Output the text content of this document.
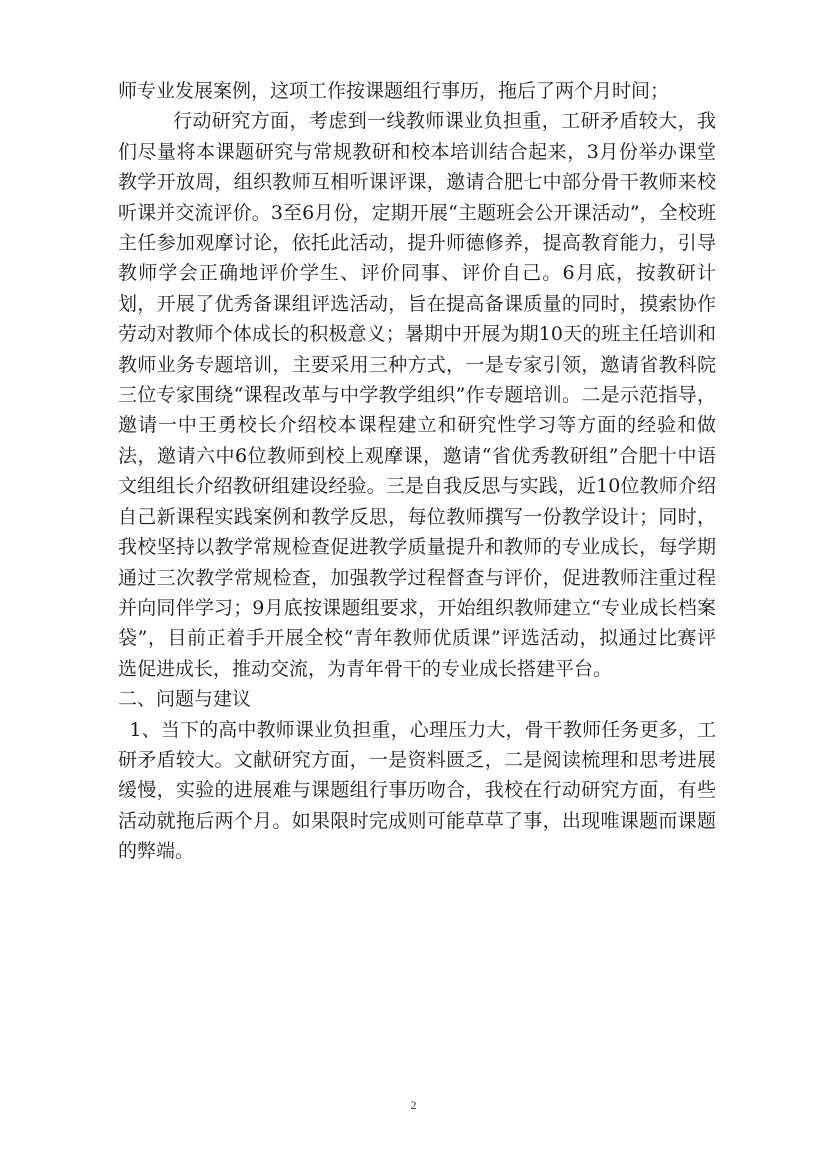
师专业发展案例，这项工作按课题组行事历，拖后了两个月时间；

行动研究方面，考虑到一线教师课业负担重，工研矛盾较大，我们尽量将本课题研究与常规教研和校本培训结合起来，3月份举办课堂教学开放周，组织教师互相听课评课，邀请合肥七中部分骨干教师来校听课并交流评价。3至6月份，定期开展“主题班会公开课活动”，全校班主任参加观摩讨论，依托此活动，提升师德修养，提高教育能力，引导教师学会正确地评价学生、评价同事、评价自己。6月底，按教研计划，开展了优秀备课组评选活动，旨在提高备课质量的同时，摸索协作劳动对教师个体成长的积极意义；暑期中开展为期10天的班主任培训和教师业务专题培训，主要采用三种方式，一是专家引领，邀请省教科院三位专家围绕“课程改革与中学教学组织”作专题培训。二是示范指导，邀请一中王勇校长介绍校本课程建立和研究性学习等方面的经验和做法，邀请六中6位教师到校上观摩课，邀请“省优秀教研组”合肥十中语文组组长介绍教研组建设经验。三是自我反思与实践，近10位教师介绍自己新课程实践案例和教学反思，每位教师撰写一份教学设计；同时，我校坚持以教学常规检查促进教学质量提升和教师的专业成长，每学期通过三次教学常规检查，加强教学过程督查与评价，促进教师注重过程并向同伴学习；9月底按课题组要求，开始组织教师建立“专业成长档案袋”，目前正着手开展全校“青年教师优质课”评选活动，拟通过比赛评选促进成长，推动交流，为青年骨干的专业成长搭建平台。

二、问题与建议

1、当下的高中教师课业负担重，心理压力大，骨干教师任务更多，工研矛盾较大。文献研究方面，一是资料匮乏，二是阅读梳理和思考进展缓慢，实验的进展难与课题组行事历吻合，我校在行动研究方面，有些活动就拖后两个月。如果限时完成则可能草草了事，出现唯课题而课题的弊端。

2
